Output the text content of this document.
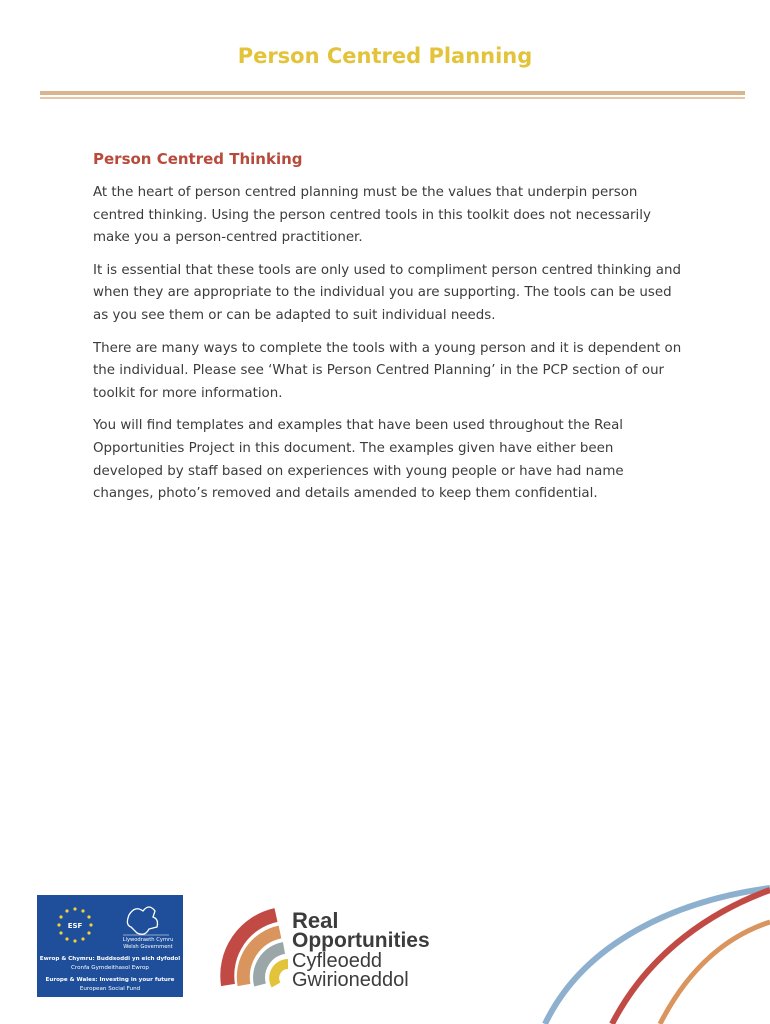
Person Centred Planning
Person Centred Thinking

At the heart of person centred planning must be the values that underpin person centred thinking. Using the person centred tools in this toolkit does not necessarily make you a person-centred practitioner.

It is essential that these tools are only used to compliment person centred thinking and when they are appropriate to the individual you are supporting. The tools can be used as you see them or can be adapted to suit individual needs.

There are many ways to complete the tools with a young person and it is dependent on the individual. Please see ‘What is Person Centred Planning’ in the PCP section of our toolkit for more information.

You will find templates and examples that have been used throughout the Real Opportunities Project in this document. The examples given have either been developed by staff based on experiences with young people or have had name changes, photo’s removed and details amended to keep them confidential.

ESF
Llywodraeth Cymru
Welsh Government
Ewrop & Chymru: Buddsoddi yn eich dyfodol
Cronfa Gymdeithasol Ewrop
Europe & Wales: Investing in your future
European Social Fund
Real
Opportunities
Cyfleoedd
Gwirioneddol
